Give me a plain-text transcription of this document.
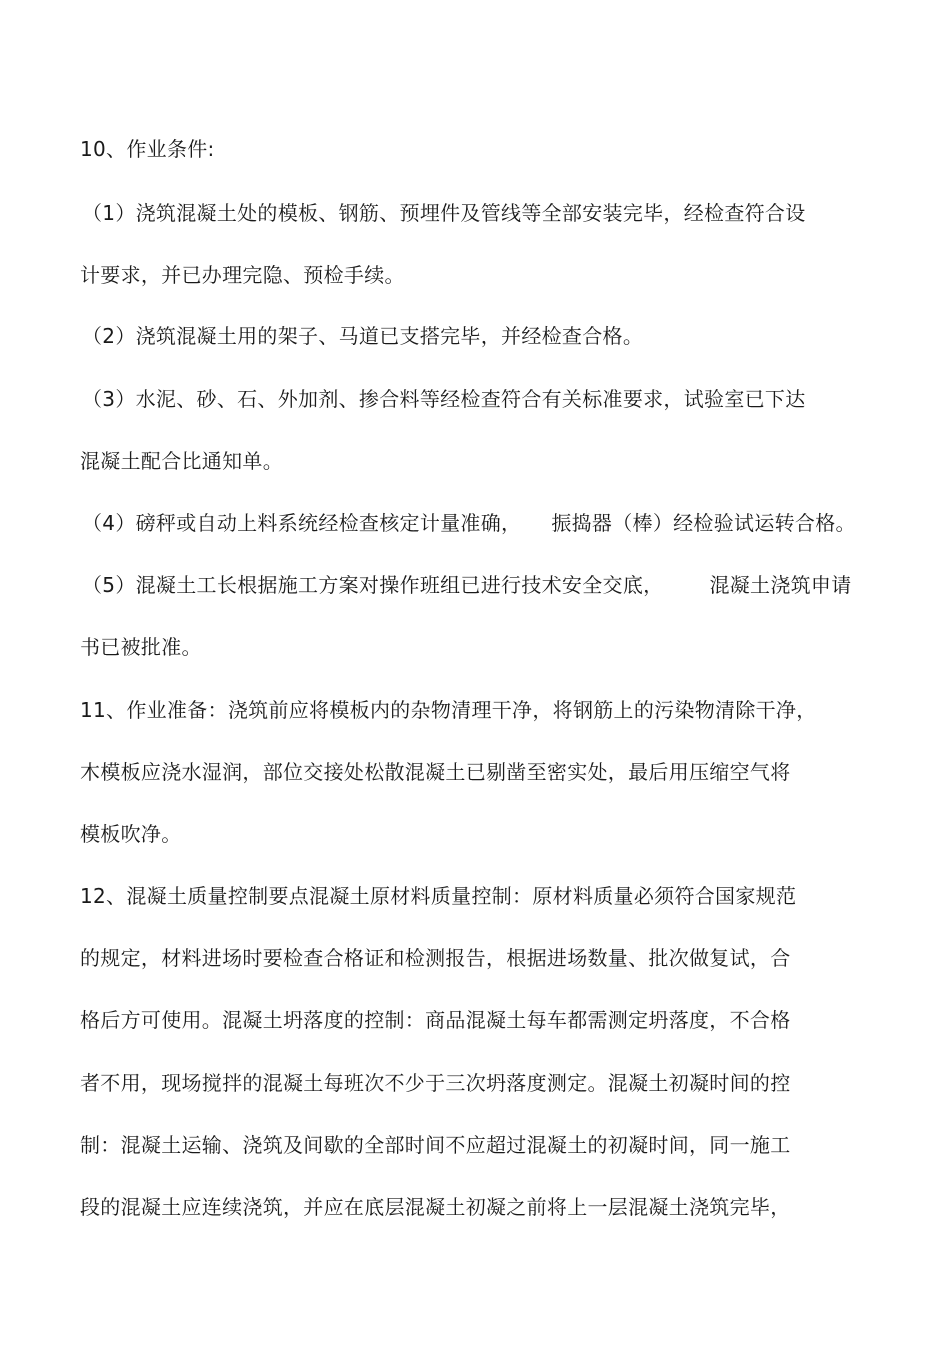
10、作业条件:
（1）浇筑混凝土处的模板、钢筋、预埋件及管线等全部安装完毕，经检查符合设
计要求，并已办理完隐、预检手续。
（2）浇筑混凝土用的架子、马道已支搭完毕，并经检查合格。
（3）水泥、砂、石、外加剂、掺合料等经检查符合有关标准要求，试验室已下达
混凝土配合比通知单。
（4）磅秤或自动上料系统经检查核定计量准确， 振捣器（棒）经检验试运转合格。
（5）混凝土工长根据施工方案对操作班组已进行技术安全交底， 混凝土浇筑申请
书已被批准。
11、作业准备：浇筑前应将模板内的杂物清理干净，将钢筋上的污染物清除干净，
木模板应浇水湿润，部位交接处松散混凝土已剔凿至密实处，最后用压缩空气将
模板吹净。
12、混凝土质量控制要点混凝土原材料质量控制：原材料质量必须符合国家规范
的规定，材料进场时要检查合格证和检测报告，根据进场数量、批次做复试，合
格后方可使用。混凝土坍落度的控制：商品混凝土每车都需测定坍落度，不合格
者不用，现场搅拌的混凝土每班次不少于三次坍落度测定。混凝土初凝时间的控
制：混凝土运输、浇筑及间歇的全部时间不应超过混凝土的初凝时间，同一施工
段的混凝土应连续浇筑，并应在底层混凝土初凝之前将上一层混凝土浇筑完毕，
